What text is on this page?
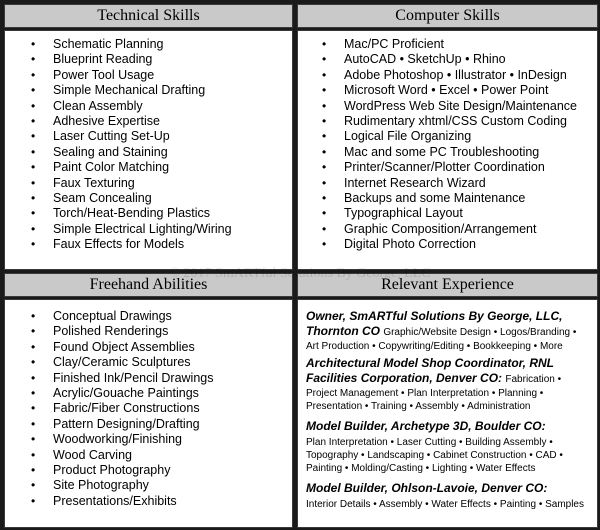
Technical Skills
• Schematic Planning
• Blueprint Reading
• Power Tool Usage
• Simple Mechanical Drafting
• Clean Assembly
• Adhesive Expertise
• Laser Cutting Set-Up
• Sealing and Staining
• Paint Color Matching
• Faux Texturing
• Seam Concealing
• Torch/Heat-Bending Plastics
• Simple Electrical Lighting/Wiring
• Faux Effects for Models
Computer Skills
• Mac/PC Proficient
• AutoCAD • SketchUp • Rhino
• Adobe Photoshop • Illustrator • InDesign
• Microsoft Word • Excel • Power Point
• WordPress Web Site Design/Maintenance
• Rudimentary xhtml/CSS Custom Coding
• Logical File Organizing
• Mac and some PC Troubleshooting
• Printer/Scanner/Plotter Coordination
• Internet Research Wizard
• Backups and some Maintenance
• Typographical Layout
• Graphic Composition/Arrangement
• Digital Photo Correction
Freehand Abilities
• Conceptual Drawings
• Polished Renderings
• Found Object Assemblies
• Clay/Ceramic Sculptures
• Finished Ink/Pencil Drawings
• Acrylic/Gouache Paintings
• Fabric/Fiber Constructions
• Pattern Designing/Drafting
• Woodworking/Finishing
• Wood Carving
• Product Photography
• Site Photography
• Presentations/Exhibits
Relevant Experience
Owner, SmARTful Solutions By George, LLC, Thornton CO Graphic/Website Design • Logos/Branding •
Art Production • Copywriting/Editing • Bookkeeping • More
Architectural Model Shop Coordinator, RNL Facilities Corporation, Denver CO: Fabrication •
Project Management • Plan Interpretation • Planning •
Presentation • Training • Assembly • Administration
Model Builder, Archetype 3D, Boulder CO:
Plan Interpretation • Laser Cutting • Building Assembly •
Topography • Landscaping • Cabinet Construction • CAD •
Painting • Molding/Casting • Lighting • Water Effects
Model Builder, Ohlson-Lavoie, Denver CO:
Interior Details • Assembly • Water Effects • Painting • Samples
